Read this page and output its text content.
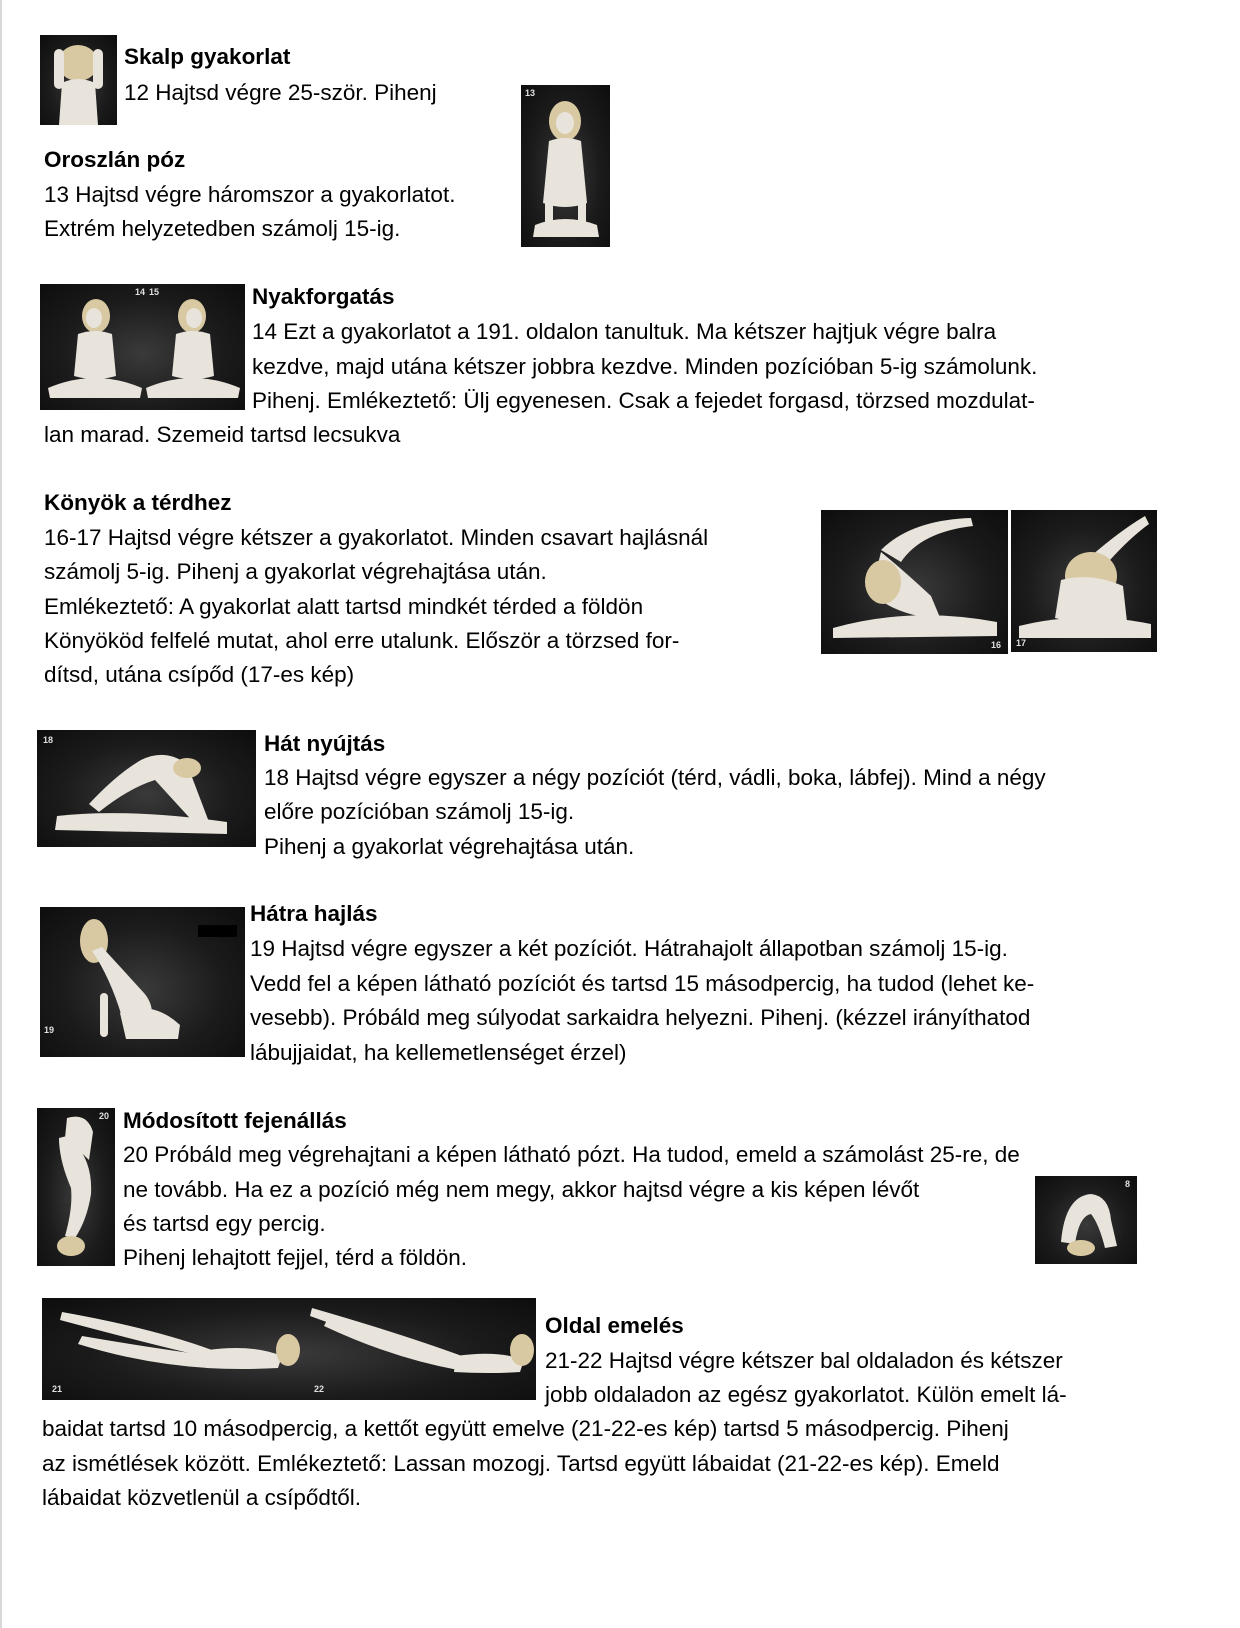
Skalp gyakorlat

12 Hajtsd végre 25-ször. Pihenj

Oroszlán póz

13 Hajtsd végre háromszor a gyakorlatot.

Extrém helyzetedben számolj 15-ig.

13
14 15	Nyakforgatás

14 Ezt a gyakorlatot a 191. oldalon tanultuk. Ma kétszer hajtjuk végre balra

kezdve, majd utána kétszer jobbra kezdve. Minden pozícióban 5-ig számolunk.

Pihenj. Emlékeztető: Ülj egyenesen. Csak a fejedet forgasd, törzsed mozdulat-

lan marad. Szemeid tartsd lecsukva

Könyök a térdhez

16-17 Hajtsd végre kétszer a gyakorlatot. Minden csavart hajlásnál

számolj 5-ig. Pihenj a gyakorlat végrehajtása után.

Emlékeztető: A gyakorlat alatt tartsd mindkét térded a földön

Könyököd felfelé mutat, ahol erre utalunk. Először a törzsed for-

dítsd, utána csípőd (17-es kép)

16 17
18	Hát nyújtás

18 Hajtsd végre egyszer a négy pozíciót (térd, vádli, boka, lábfej). Mind a négy

előre pozícióban számolj 15-ig.

Pihenj a gyakorlat végrehajtása után.

19
Hátra hajlás

19 Hajtsd végre egyszer a két pozíciót. Hátrahajolt állapotban számolj 15-ig.

Vedd fel a képen látható pozíciót és tartsd 15 másodpercig, ha tudod (lehet ke-

vesebb). Próbáld meg súlyodat sarkaidra helyezni. Pihenj. (kézzel irányíthatod

lábujjaidat, ha kellemetlenséget érzel)

20 Módosított fejenállás

20 Próbáld meg végrehajtani a képen látható pózt. Ha tudod, emeld a számolást 25-re, de

ne tovább. Ha ez a pozíció még nem megy, akkor hajtsd végre a kis képen lévőt

és tartsd egy percig.

Pihenj lehajtott fejjel, térd a földön.

8
21	22
Oldal emelés

21-22 Hajtsd végre kétszer bal oldaladon és kétszer

jobb oldaladon az egész gyakorlatot. Külön emelt lá-

baidat tartsd 10 másodpercig, a kettőt együtt emelve (21-22-es kép) tartsd 5 másodpercig. Pihenj

az ismétlések között. Emlékeztető: Lassan mozogj. Tartsd együtt lábaidat (21-22-es kép). Emeld

lábaidat közvetlenül a csípődtől.
